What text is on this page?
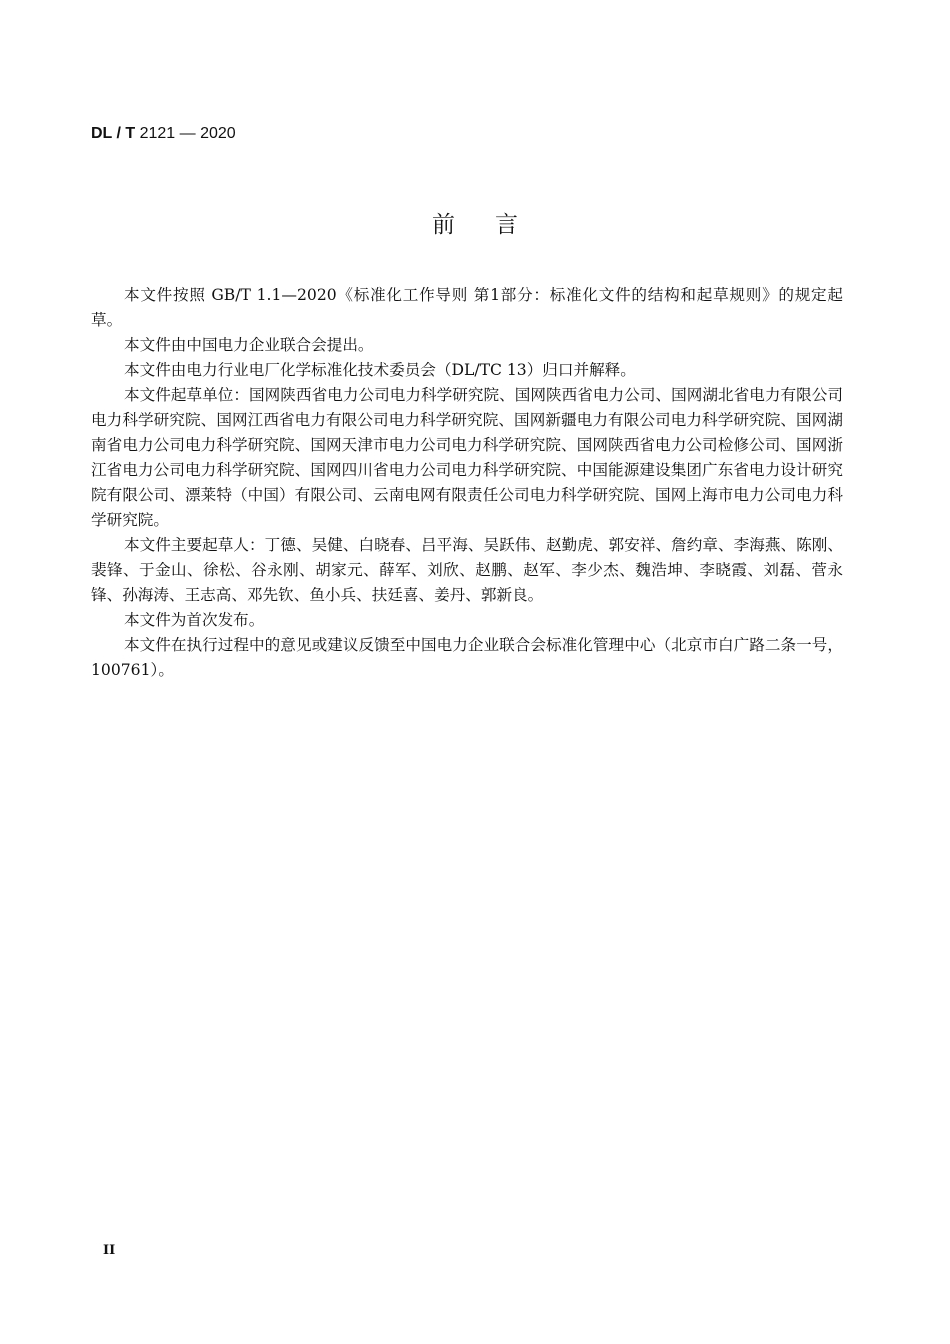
DL / T 2121 — 2020
前言

本文件按照 GB/T 1.1—2020《标准化工作导则 第1部分：标准化文件的结构和起草规则》的规定起草。

本文件由中国电力企业联合会提出。

本文件由电力行业电厂化学标准化技术委员会（DL/TC 13）归口并解释。

本文件起草单位：国网陕西省电力公司电力科学研究院、国网陕西省电力公司、国网湖北省电力有限公司电力科学研究院、国网江西省电力有限公司电力科学研究院、国网新疆电力有限公司电力科学研究院、国网湖南省电力公司电力科学研究院、国网天津市电力公司电力科学研究院、国网陕西省电力公司检修公司、国网浙江省电力公司电力科学研究院、国网四川省电力公司电力科学研究院、中国能源建设集团广东省电力设计研究院有限公司、漂莱特（中国）有限公司、云南电网有限责任公司电力科学研究院、国网上海市电力公司电力科学研究院。

本文件主要起草人：丁德、吴健、白晓春、吕平海、吴跃伟、赵勤虎、郭安祥、詹约章、李海燕、陈刚、裴锋、于金山、徐松、谷永刚、胡家元、薛军、刘欣、赵鹏、赵军、李少杰、魏浩坤、李晓霞、刘磊、菅永锋、孙海涛、王志高、邓先钦、鱼小兵、扶廷喜、姜丹、郭新良。

本文件为首次发布。

本文件在执行过程中的意见或建议反馈至中国电力企业联合会标准化管理中心（北京市白广路二条一号，100761）。

II
